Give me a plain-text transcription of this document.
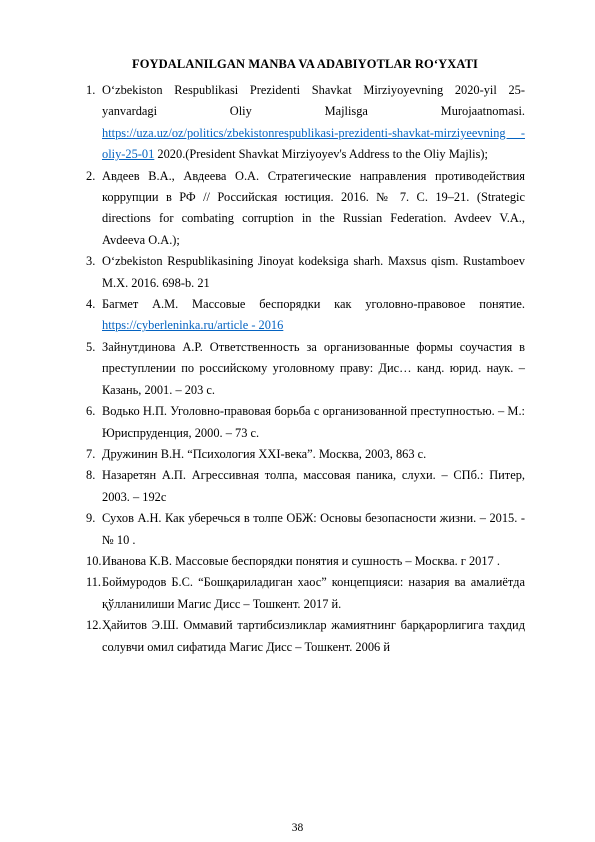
FOYDALANILGAN MANBA VA ADABIYOTLAR RO‘YXATI
1. Oʻzbekiston Respublikasi Prezidenti Shavkat Mirziyoyevning 2020-yil 25-yanvardagi Oliy Majlisga Murojaatnomasi. https://uza.uz/oz/politics/zbekistonrespublikasi-prezidenti-shavkat-mirziyeevning -oliy-25-01 2020.(President Shavkat Mirziyoyev's Address to the Oliy Majlis);
2. Авдеев В.А., Авдеева О.А. Стратегические направления противодействия коррупции в РФ // Российская юстиция. 2016. № 7. С. 19–21. (Strategic directions for combating corruption in the Russian Federation. Avdeev V.A., Avdeeva O.A.);
3. O‘zbekiston Respublikasining Jinoyat kodeksiga sharh. Maxsus qism. Rustamboev M.X. 2016. 698-b. 21
4. Багмет А.М. Массовые беспорядки как уголовно-правовое понятие. https://cyberleninka.ru/article - 2016
5. Зайнутдинова А.Р. Ответственность за организованные формы соучастия в преступлении по российскому уголовному праву: Дис… канд. юрид. наук. – Казань, 2001. – 203 с.
6. Водько Н.П. Уголовно-правовая борьба с организованной преступностью. – М.: Юриспруденция, 2000. – 73 с.
7. Дружинин В.Н. “Психология XXI-века”. Москва, 2003, 863 с.
8. Назаретян А.П. Агрессивная толпа, массовая паника, слухи. – СПб.: Питер, 2003. – 192с
9. Сухов А.Н. Как уберечься в толпе ОБЖ: Основы безопасности жизни. – 2015. - № 10 .
10. Иванова К.В. Массовые беспорядки понятия и сушность – Москва. г 2017 .
11. Боймуродов Б.С. “Бошқариладиган хаос” концепцияси: назария ва амалиётда қўлланилиши Магис Дисс – Тошкент. 2017 й.
12. Ҳайитов Э.Ш. Оммавий тартибсизликлар жамиятнинг барқарорлигига таҳдид солувчи омил сифатида Магис Дисс – Тошкент. 2006 й
38
